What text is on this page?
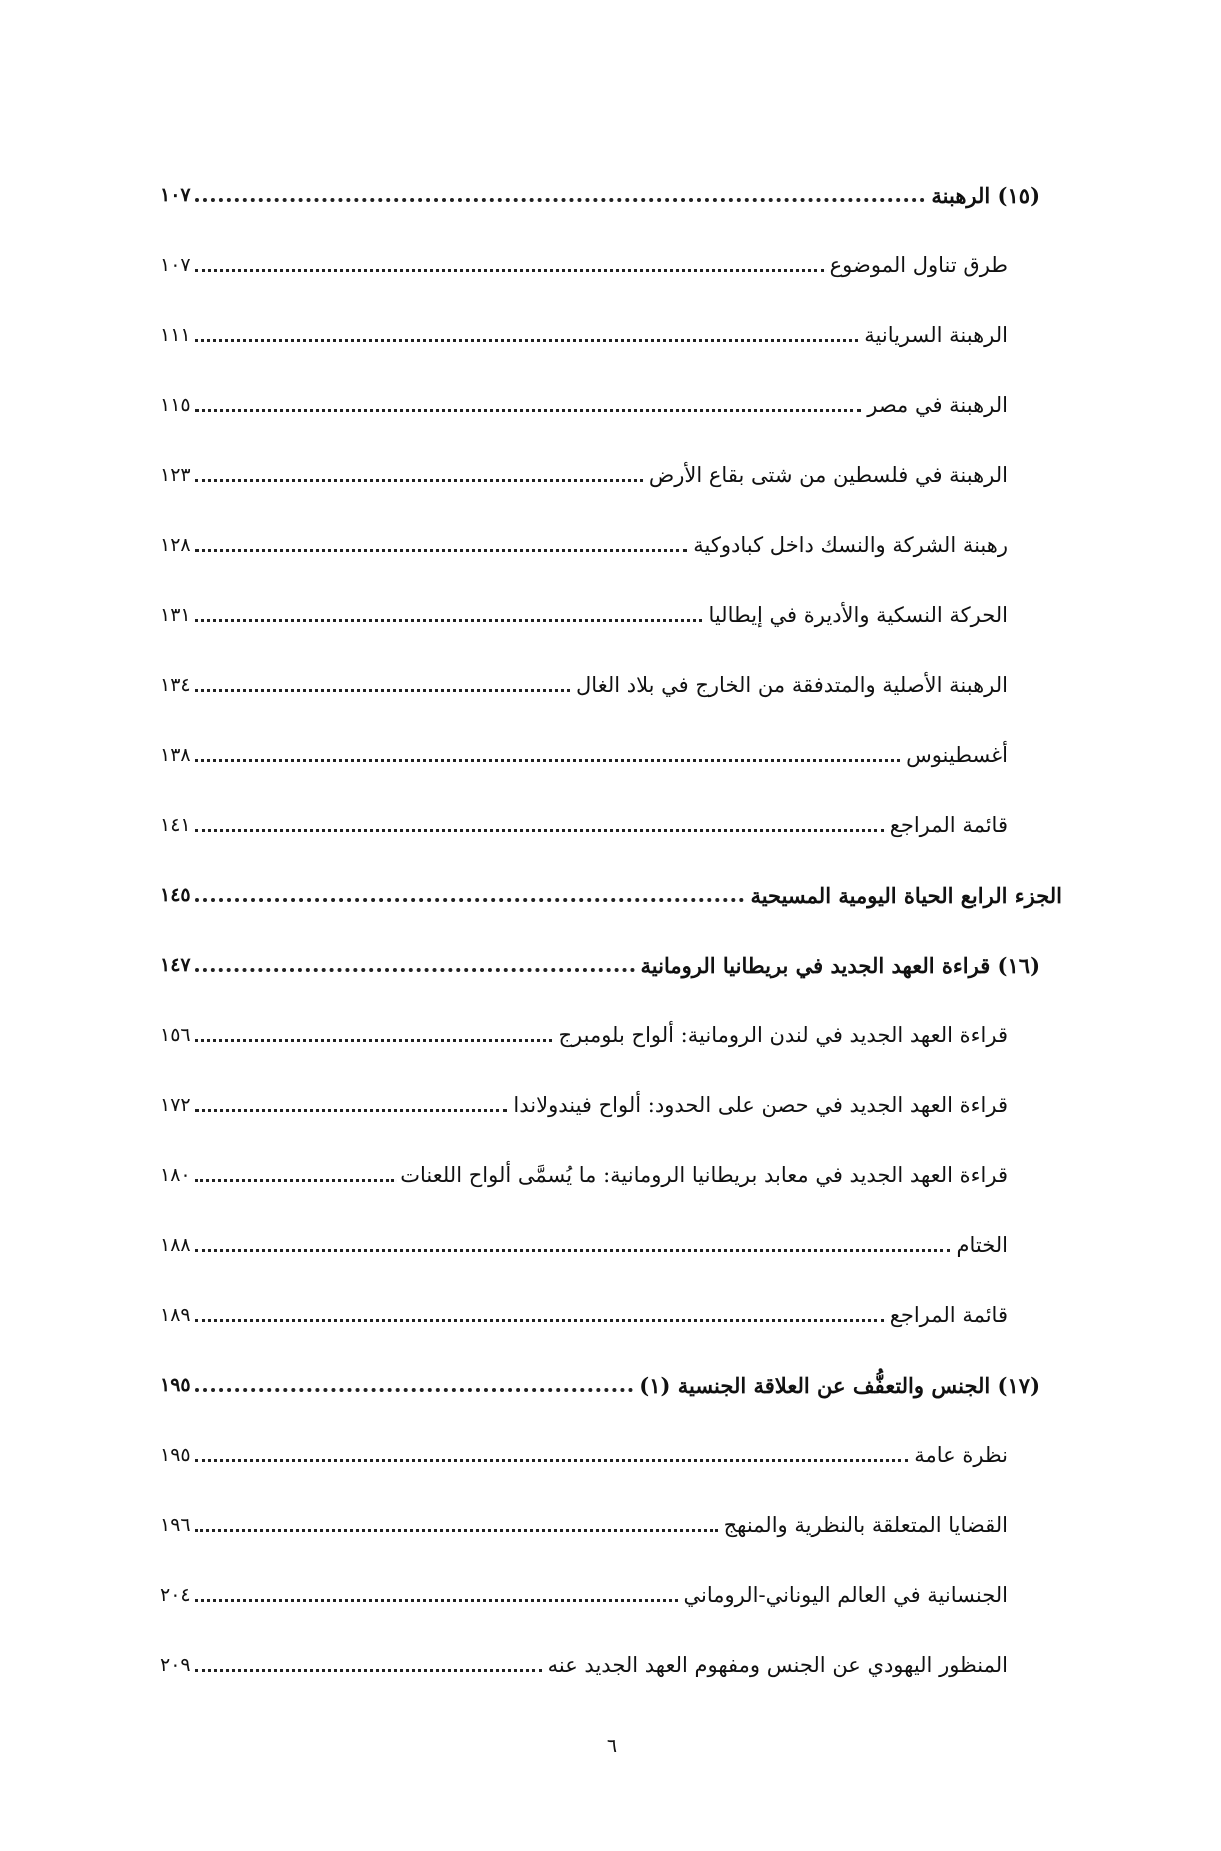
١٠٧	(١٥) الرهبنة
١٠٧	طرق تناول الموضوع
١١١	الرهبنة السريانية
١١٥	الرهبنة في مصر
١٢٣	الرهبنة في فلسطين من شتى بقاع الأرض
١٢٨	رهبنة الشركة والنسك داخل كبادوكية
١٣١	الحركة النسكية والأديرة في إيطاليا
١٣٤	الرهبنة الأصلية والمتدفقة من الخارج في بلاد الغال
١٣٨	أغسطينوس
١٤١	قائمة المراجع
١٤٥	الجزء الرابع الحياة اليومية المسيحية
١٤٧	(١٦) قراءة العهد الجديد في بريطانيا الرومانية
١٥٦	قراءة العهد الجديد في لندن الرومانية: ألواح بلومبرج
١٧٢	قراءة العهد الجديد في حصن على الحدود: ألواح فيندولاندا
١٨٠	قراءة العهد الجديد في معابد بريطانيا الرومانية: ما يُسمَّى ألواح اللعنات
١٨٨	الختام
١٨٩	قائمة المراجع
١٩٥	(١٧) الجنس والتعفُّف عن العلاقة الجنسية (١)
١٩٥	نظرة عامة
١٩٦	القضايا المتعلقة بالنظرية والمنهج
٢٠٤	الجنسانية في العالم اليوناني-الروماني
٢٠٩	المنظور اليهودي عن الجنس ومفهوم العهد الجديد عنه
٦
